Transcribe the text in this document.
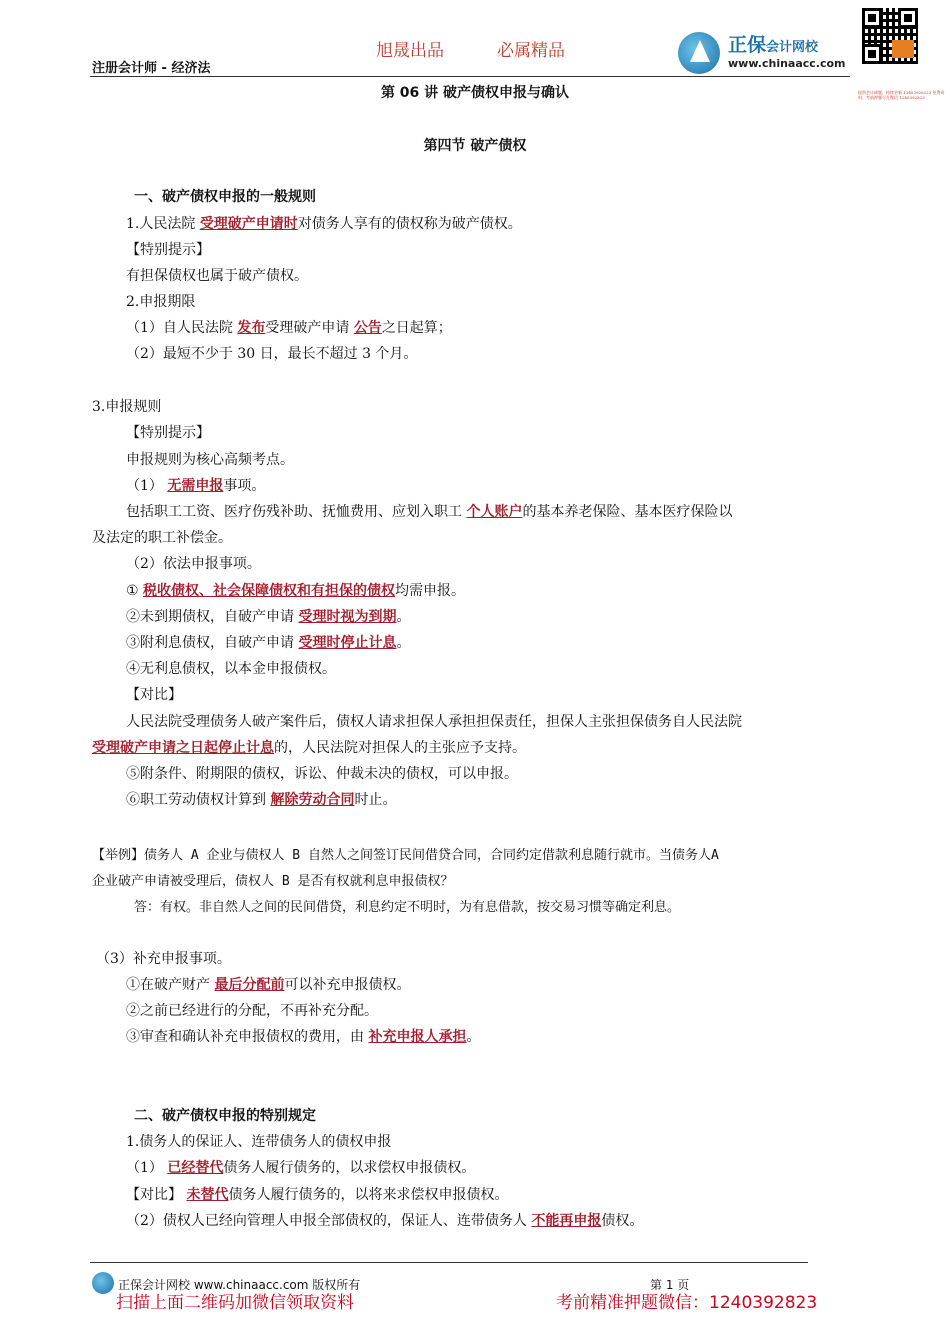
注册会计师 - 经济法
旭晟出品	必属精品	正保会计网校
www.chinaacc.com
提供会计刷题，持续更新 12403928223 免费资料，考前押题尽在微信 1240392823
第 06 讲 破产债权申报与确认
第四节 破产债权
一、破产债权申报的一般规则
1.人民法院 受理破产申请时对债务人享有的债权称为破产债权。
【特别提示】
有担保债权也属于破产债权。
2.申报期限
（1）自人民法院 发布受理破产申请 公告之日起算；
（2）最短不少于 30 日，最长不超过 3 个月。
3.申报规则
【特别提示】
申报规则为核心高频考点。
（1） 无需申报事项。
包括职工工资、医疗伤残补助、抚恤费用、应划入职工 个人账户的基本养老保险、基本医疗保险以
及法定的职工补偿金。
（2）依法申报事项。
① 税收债权、社会保障债权和有担保的债权均需申报。
②未到期债权，自破产申请 受理时视为到期。
③附利息债权，自破产申请 受理时停止计息。
④无利息债权，以本金申报债权。
【对比】
人民法院受理债务人破产案件后，债权人请求担保人承担担保责任，担保人主张担保债务自人民法院
受理破产申请之日起停止计息的，人民法院对担保人的主张应予支持。
⑤附条件、附期限的债权，诉讼、仲裁未决的债权，可以申报。
⑥职工劳动债权计算到 解除劳动合同时止。
【举例】债务人 A 企业与债权人 B 自然人之间签订民间借贷合同，合同约定借款利息随行就市。当债务人A
企业破产申请被受理后，债权人 B 是否有权就利息申报债权？
答：有权。非自然人之间的民间借贷，利息约定不明时，为有息借款，按交易习惯等确定利息。
（3）补充申报事项。
①在破产财产 最后分配前可以补充申报债权。
②之前已经进行的分配，不再补充分配。
③审查和确认补充申报债权的费用，由 补充申报人承担。
二、破产债权申报的特别规定
1.债务人的保证人、连带债务人的债权申报
（1） 已经替代债务人履行债务的，以求偿权申报债权。
【对比】 未替代债务人履行债务的，以将来求偿权申报债权。
（2）债权人已经向管理人申报全部债权的，保证人、连带债务人 不能再申报债权。
正保会计网校 www.chinaacc.com 版权所有	第 1 页
扫描上面二维码加微信领取资料	考前精准押题微信：1240392823
